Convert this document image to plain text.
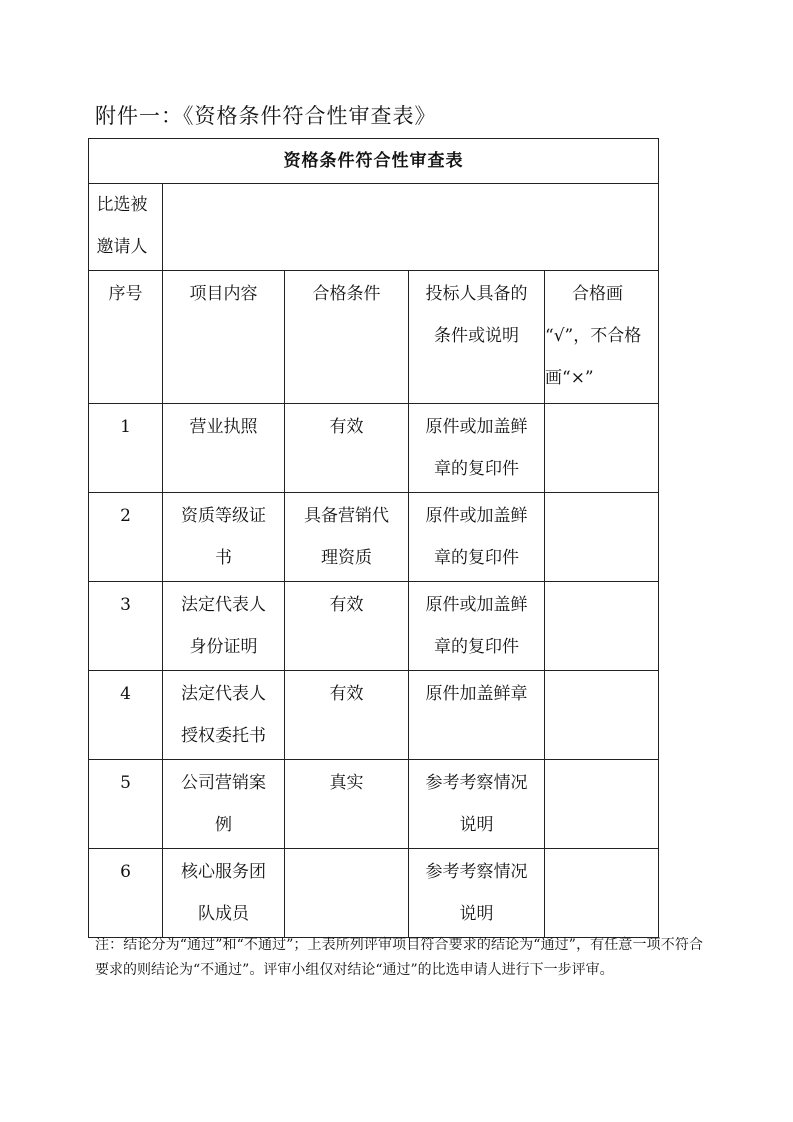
附件一：《资格条件符合性审查表》
资格条件符合性审查表				

比选被邀请人				

序号	项目内容	合格条件	投标人具备的条件或说明	合格画
“√”，不合格画“×”

1	营业执照	有效	原件或加盖鲜章的复印件	

2	资质等级证书	具备营销代理资质	原件或加盖鲜章的复印件	

3	法定代表人身份证明	有效	原件或加盖鲜章的复印件	

4	法定代表人授权委托书	有效	原件加盖鲜章	

5	公司营销案例	真实	参考考察情况说明	

6	核心服务团队成员		参考考察情况说明	

注：结论分为“通过”和“不通过”；上表所列评审项目符合要求的结论为“通过”，有任意一项不符合要求的则结论为“不通过”。评审小组仅对结论“通过”的比选申请人进行下一步评审。
